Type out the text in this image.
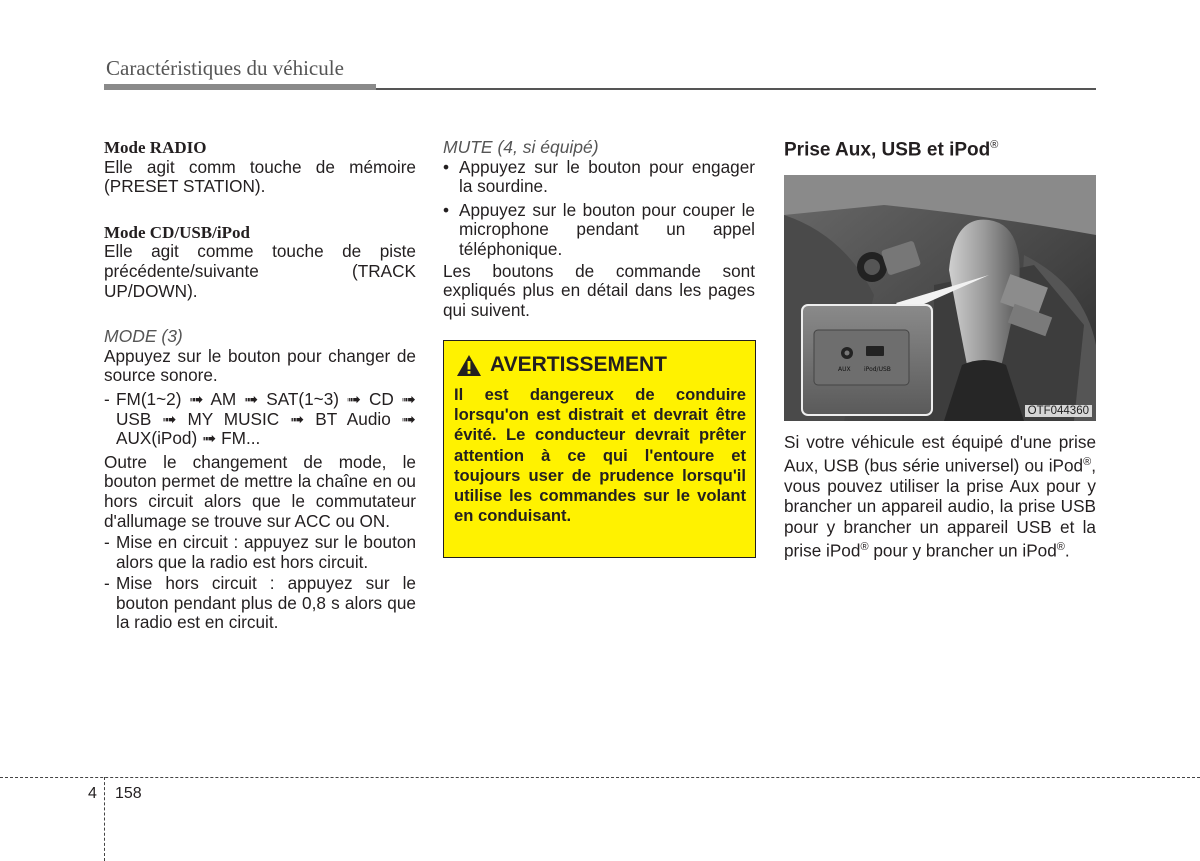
Caractéristiques du véhicule

Mode RADIO

Elle agit comm touche de mémoire (PRESET STATION).

Mode CD/USB/iPod

Elle agit comme touche de piste précédente/suivante (TRACK UP/DOWN).

MODE (3)

Appuyez sur le bouton pour changer de source sonore.

- FM(1~2) ➟ AM ➟ SAT(1~3) ➟ CD ➟ USB ➟ MY MUSIC ➟ BT Audio ➟ AUX(iPod) ➟ FM...

Outre le changement de mode, le bouton permet de mettre la chaîne en ou hors circuit alors que le commutateur d'allumage se trouve sur ACC ou ON.

- Mise en circuit : appuyez sur le bouton alors que la radio est hors circuit.

- Mise hors circuit : appuyez sur le bouton pendant plus de 0,8 s alors que la radio est en circuit.

MUTE (4, si équipé)

• Appuyez sur le bouton pour engager la sourdine.

• Appuyez sur le bouton pour couper le microphone pendant un appel téléphonique.

Les boutons de commande sont expliqués plus en détail dans les pages qui suivent.

AVERTISSEMENT
Il est dangereux de conduire lorsqu'on est distrait et devrait être évité. Le conducteur devrait prêter attention à ce qui l'entoure et toujours user de prudence lorsqu'il utilise les commandes sur le volant en conduisant.
Prise Aux, USB et iPod®
AUX iPod/USB
OTF044360
Si votre véhicule est équipé d'une prise Aux, USB (bus série universel) ou iPod®, vous pouvez utiliser la prise Aux pour y brancher un appareil audio, la prise USB pour y brancher un appareil USB et la prise iPod® pour y brancher un iPod®.
4 158
